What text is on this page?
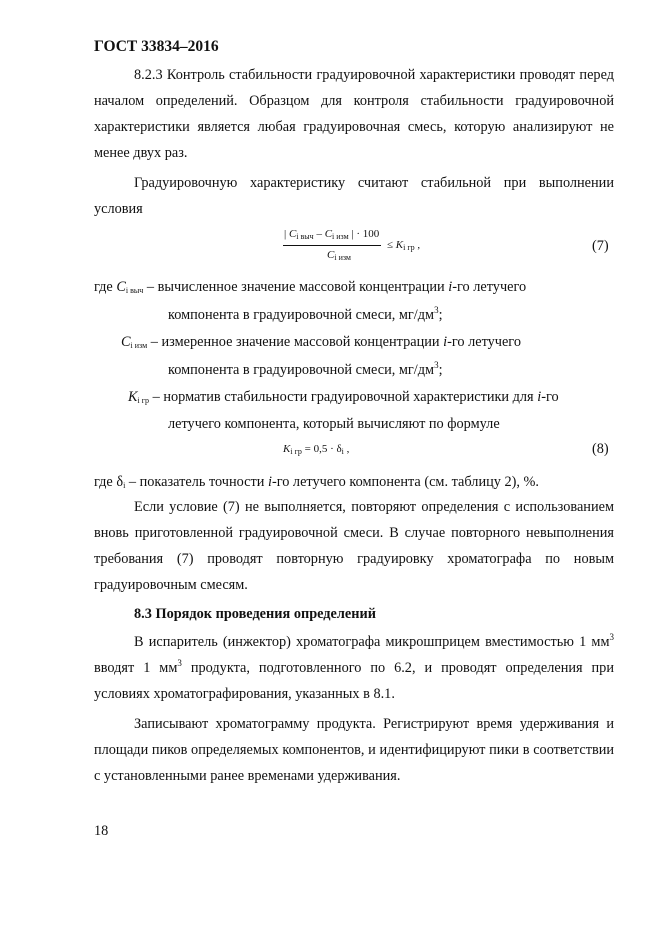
ГОСТ 33834–2016
8.2.3 Контроль стабильности градуировочной характеристики проводят перед началом определений. Образцом для контроля стабильности градуировочной характеристики является любая градуировочная смесь, которую анализируют не менее двух раз.
Градуировочную характеристику считают стабильной при выполнении условия
| $C_{i выч} - C_{i изм}$ | · 100
$C_{i изм}$
≤ $K_{i гр}$ ,	(7)
где $C_{i выч}$ – вычисленное значение массовой концентрации i-го летучего
компонента в градуировочной смеси, $мг/дм^3$;
$C_{i изм}$ – измеренное значение массовой концентрации i-го летучего
компонента в градуировочной смеси, $мг/дм^3$;
$K_{i гр}$ – норматив стабильности градуировочной характеристики для i-го
летучего компонента, который вычисляют по формуле
$K_{i гр} = 0,5 \cdot \delta_i$ ,	(8)
где $\delta_i$ – показатель точности i-го летучего компонента (см. таблицу 2), %.
Если условие (7) не выполняется, повторяют определения с использованием вновь приготовленной градуировочной смеси. В случае повторного невыполнения требования (7) проводят повторную градуировку хроматографа по новым градуировочным смесям.
8.3 Порядок проведения определений
В испаритель (инжектор) хроматографа микрошприцем вместимостью 1 $мм^3$ вводят 1 $мм^3$ продукта, подготовленного по 6.2, и проводят определения при условиях хроматографирования, указанных в 8.1.
Записывают хроматограмму продукта. Регистрируют время удерживания и площади пиков определяемых компонентов, и идентифицируют пики в соответствии с установленными ранее временами удерживания.
18
